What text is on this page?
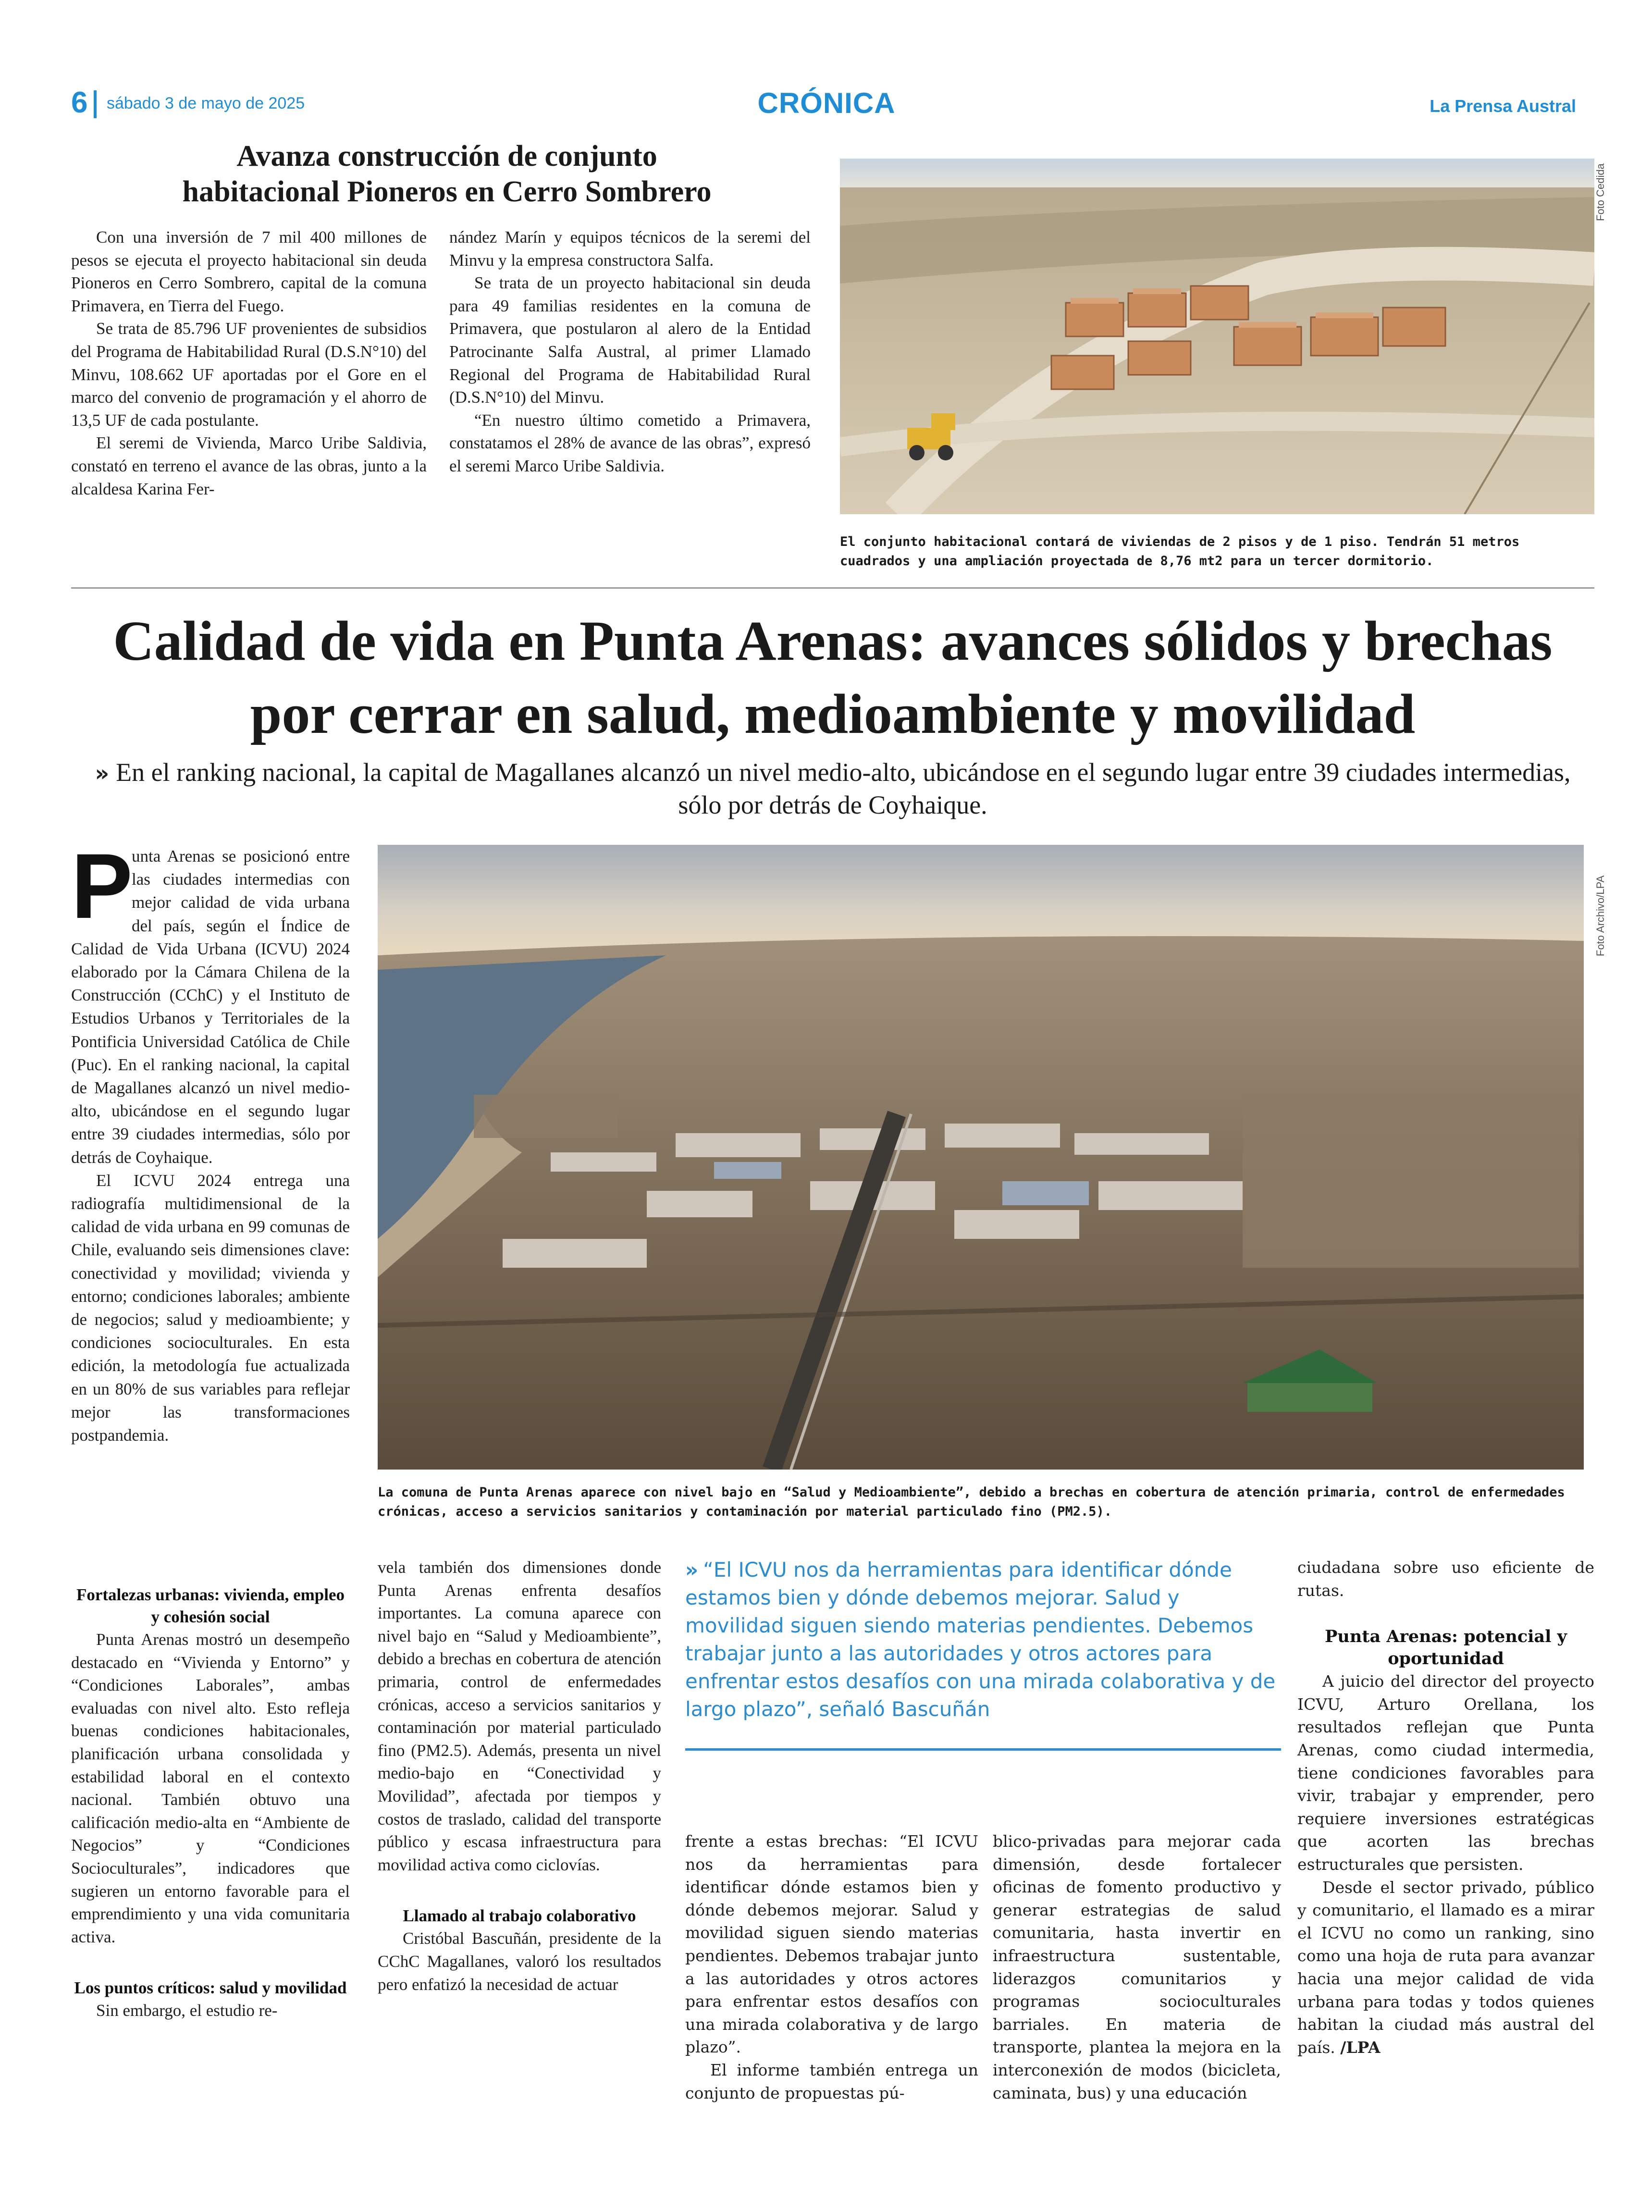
6 sábado 3 de mayo de 2025	CRÓNICA	La Prensa Austral
Avanza construcción de conjunto habitacional Pioneros en Cerro Sombrero

Con una inversión de 7 mil 400 millones de pesos se ejecuta el proyecto habitacional sin deuda Pioneros en Cerro Sombrero, capital de la comuna Primavera, en Tierra del Fuego.

Se trata de 85.796 UF provenientes de subsidios del Programa de Habitabilidad Rural (D.S.N°10) del Minvu, 108.662 UF aportadas por el Gore en el marco del convenio de programación y el ahorro de 13,5 UF de cada postulante.

El seremi de Vivienda, Marco Uribe Saldivia, constató en terreno el avance de las obras, junto a la alcaldesa Karina Fer-

nández Marín y equipos técnicos de la seremi del Minvu y la empresa constructora Salfa.

Se trata de un proyecto habitacional sin deuda para 49 familias residentes en la comuna de Primavera, que postularon al alero de la Entidad Patrocinante Salfa Austral, al primer Llamado Regional del Programa de Habitabilidad Rural (D.S.N°10) del Minvu.

“En nuestro último cometido a Primavera, constatamos el 28% de avance de las obras”, expresó el seremi Marco Uribe Saldivia.

Foto Cedida

El conjunto habitacional contará de viviendas de 2 pisos y de 1 piso. Tendrán 51 metros cuadrados y una ampliación proyectada de 8,76 mt2 para un tercer dormitorio.

Calidad de vida en Punta Arenas: avances sólidos y brechas por cerrar en salud, medioambiente y movilidad

» En el ranking nacional, la capital de Magallanes alcanzó un nivel medio-alto, ubicándose en el segundo lugar entre 39 ciudades intermedias, sólo por detrás de Coyhaique.

P

unta Arenas se posicionó entre las ciudades intermedias con mejor calidad de vida urbana del país, según el Índice de Calidad de Vida Urbana (ICVU) 2024 elaborado por la Cámara Chilena de la Construcción (CChC) y el Instituto de Estudios Urbanos y Territoriales de la Pontificia Universidad Católica de Chile (Puc). En el ranking nacional, la capital de Magallanes alcanzó un nivel medio-alto, ubicándose en el segundo lugar entre 39 ciudades intermedias, sólo por detrás de Coyhaique.

El ICVU 2024 entrega una radiografía multidimensional de la calidad de vida urbana en 99 comunas de Chile, evaluando seis dimensiones clave: conectividad y movilidad; vivienda y entorno; condiciones laborales; ambiente de negocios; salud y medioambiente; y condiciones socioculturales. En esta edición, la metodología fue actualizada en un 80% de sus variables para reflejar mejor las transformaciones postpandemia.

Foto Archivo/LPA

La comuna de Punta Arenas aparece con nivel bajo en “Salud y Medioambiente”, debido a brechas en cobertura de atención primaria, control de enfermedades crónicas, acceso a servicios sanitarios y contaminación por material particulado fino (PM2.5).

Fortalezas urbanas: vivienda, empleo y cohesión social

Punta Arenas mostró un desempeño destacado en “Vivienda y Entorno” y “Condiciones Laborales”, ambas evaluadas con nivel alto. Esto refleja buenas condiciones habitacionales, planificación urbana consolidada y estabilidad laboral en el contexto nacional. También obtuvo una calificación medio-alta en “Ambiente de Negocios” y “Condiciones Socioculturales”, indicadores que sugieren un entorno favorable para el emprendimiento y una vida comunitaria activa.

Los puntos críticos: salud y movilidad

Sin embargo, el estudio re-

vela también dos dimensiones donde Punta Arenas enfrenta desafíos importantes. La comuna aparece con nivel bajo en “Salud y Medioambiente”, debido a brechas en cobertura de atención primaria, control de enfermedades crónicas, acceso a servicios sanitarios y contaminación por material particulado fino (PM2.5). Además, presenta un nivel medio-bajo en “Conectividad y Movilidad”, afectada por tiempos y costos de traslado, calidad del transporte público y escasa infraestructura para movilidad activa como ciclovías.

Llamado al trabajo colaborativo

Cristóbal Bascuñán, presidente de la CChC Magallanes, valoró los resultados pero enfatizó la necesidad de actuar

» “El ICVU nos da herramientas para identificar dónde estamos bien y dónde debemos mejorar. Salud y movilidad siguen siendo materias pendientes. Debemos trabajar junto a las autoridades y otros actores para enfrentar estos desafíos con una mirada colaborativa y de largo plazo”, señaló Bascuñán

frente a estas brechas: “El ICVU nos da herramientas para identificar dónde estamos bien y dónde debemos mejorar. Salud y movilidad siguen siendo materias pendientes. Debemos trabajar junto a las autoridades y otros actores para enfrentar estos desafíos con una mirada colaborativa y de largo plazo”.

El informe también entrega un conjunto de propuestas pú-

blico-privadas para mejorar cada dimensión, desde fortalecer oficinas de fomento productivo y generar estrategias de salud comunitaria, hasta invertir en infraestructura sustentable, liderazgos comunitarios y programas socioculturales barriales. En materia de transporte, plantea la mejora en la interconexión de modos (bicicleta, caminata, bus) y una educación

ciudadana sobre uso eficiente de rutas.

Punta Arenas: potencial y oportunidad

A juicio del director del proyecto ICVU, Arturo Orellana, los resultados reflejan que Punta Arenas, como ciudad intermedia, tiene condiciones favorables para vivir, trabajar y emprender, pero requiere inversiones estratégicas que acorten las brechas estructurales que persisten.

Desde el sector privado, público y comunitario, el llamado es a mirar el ICVU no como un ranking, sino como una hoja de ruta para avanzar hacia una mejor calidad de vida urbana para todas y todos quienes habitan la ciudad más austral del país. /LPA
